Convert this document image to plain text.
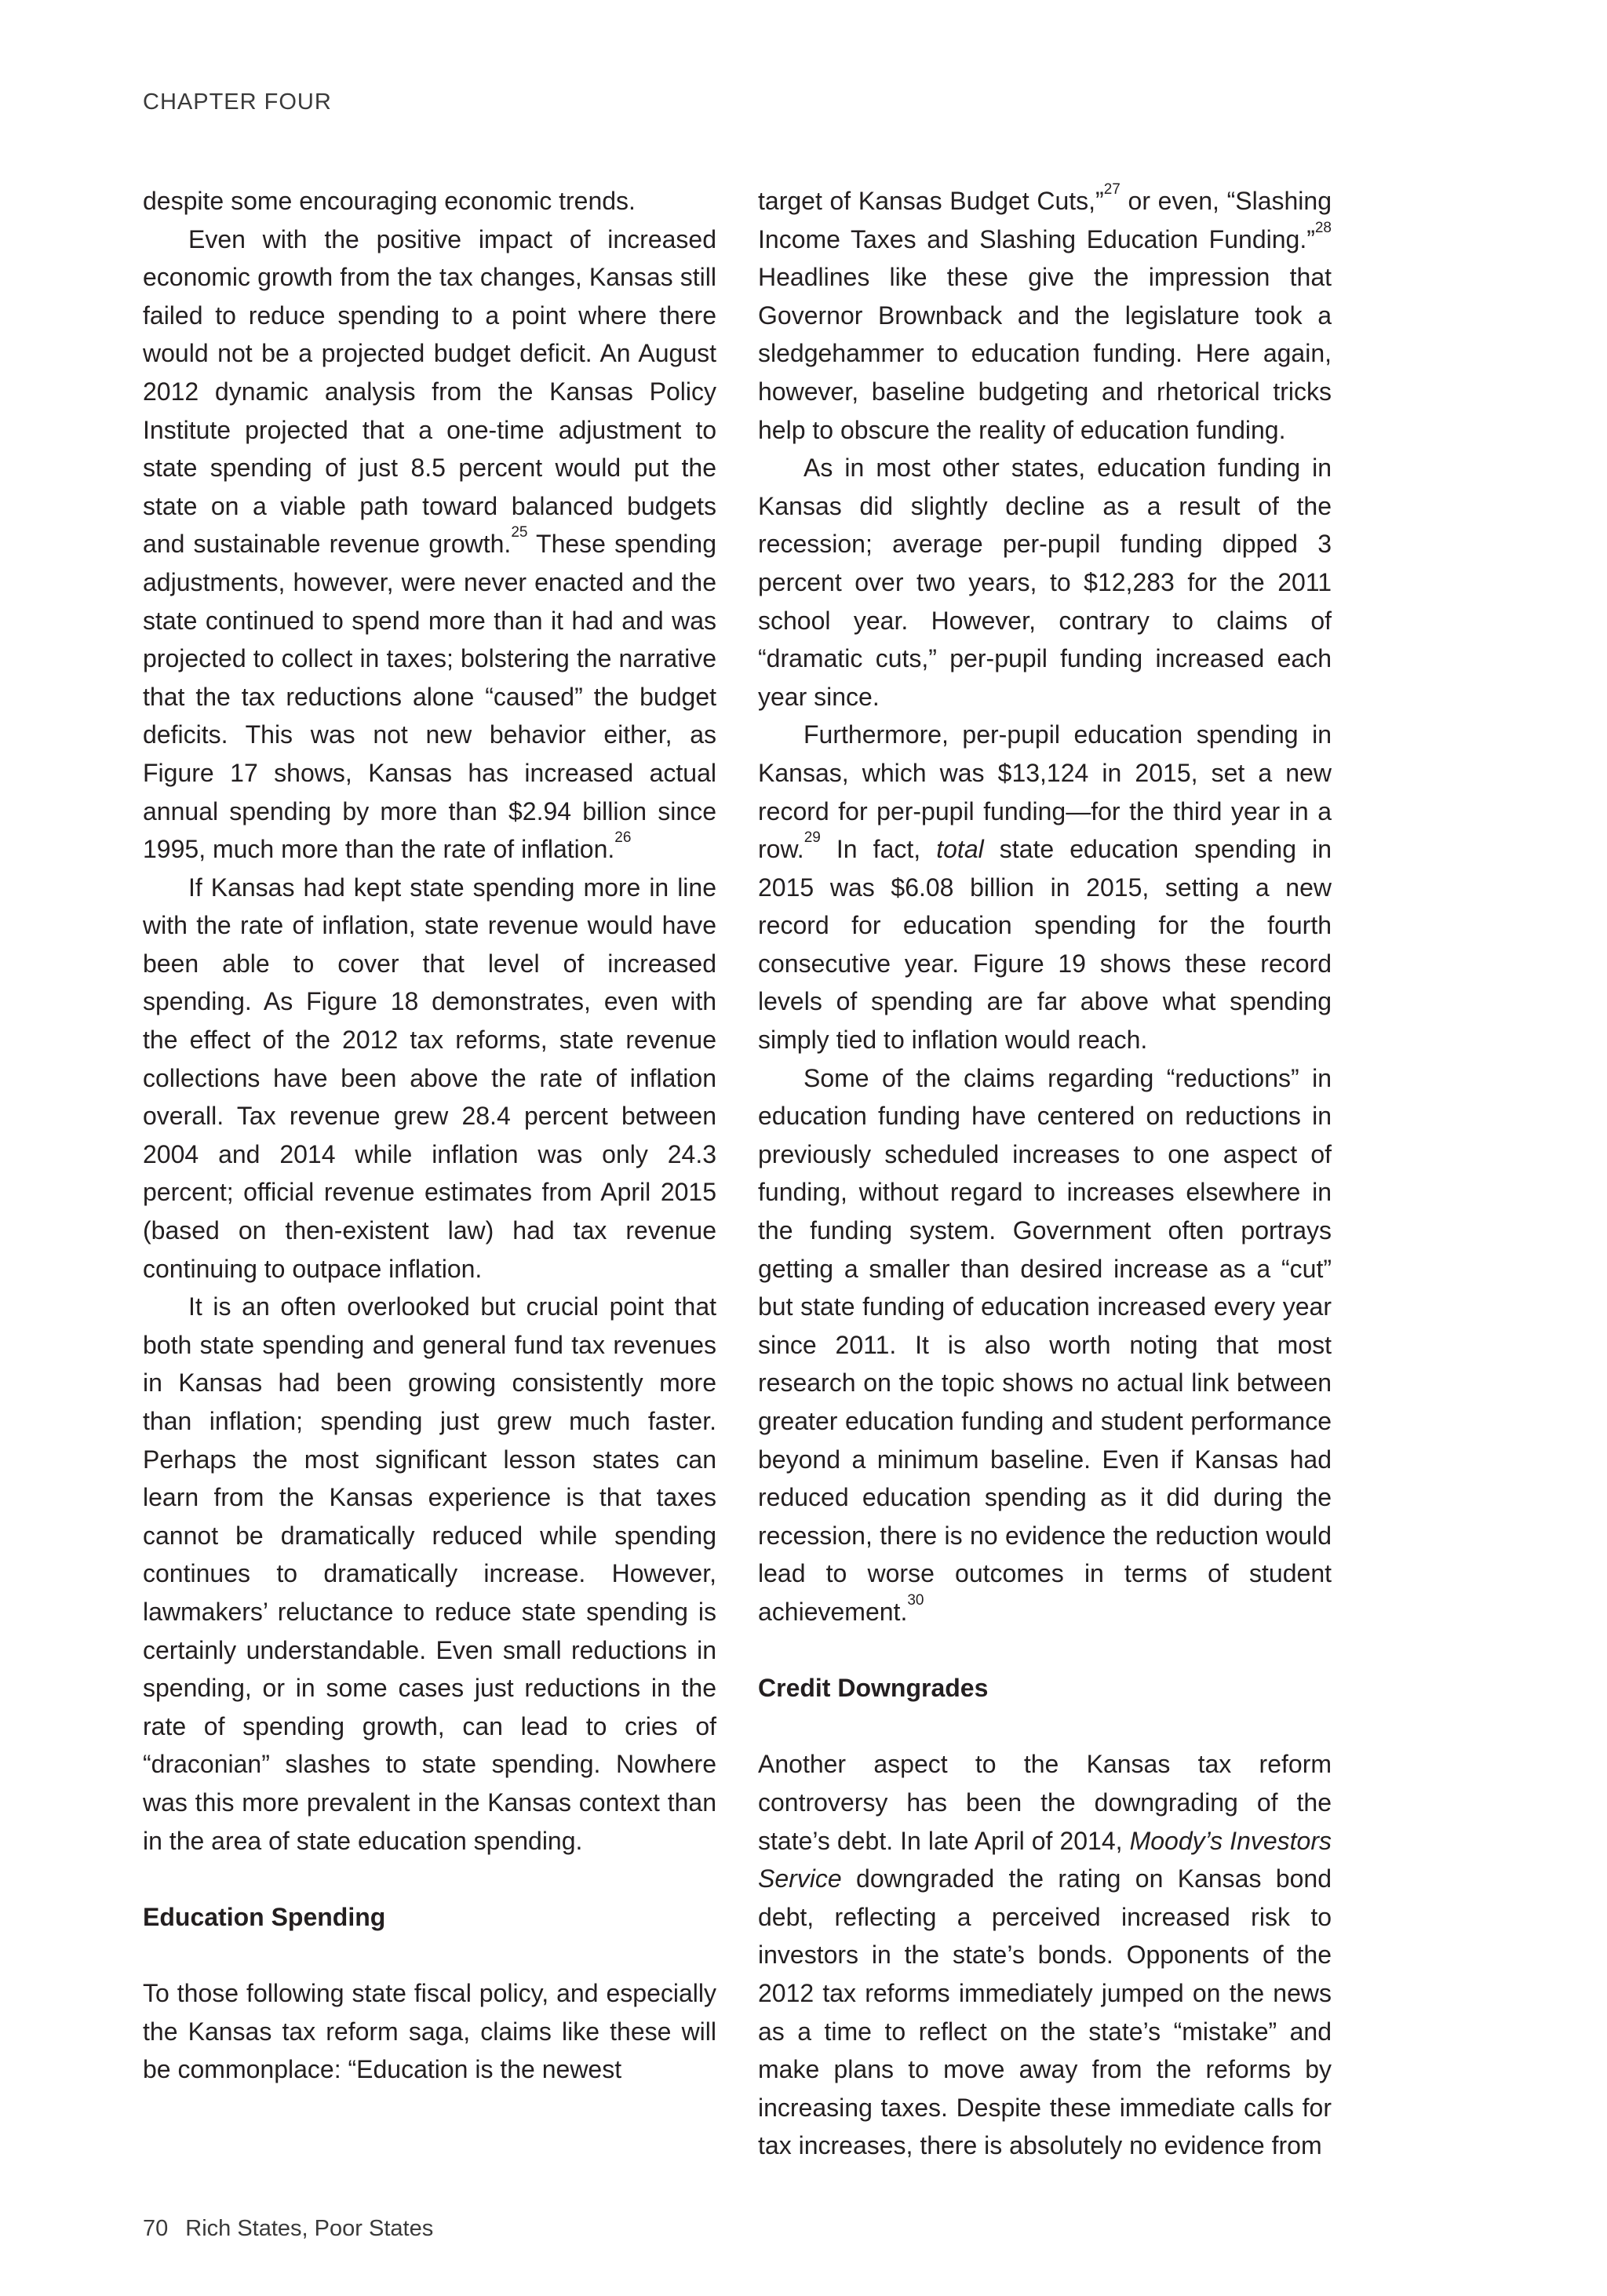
CHAPTER FOUR

despite some encouraging economic trends.

Even with the positive impact of increased economic growth from the tax changes, Kansas still failed to reduce spending to a point where there would not be a projected budget deficit. An August 2012 dynamic analysis from the Kansas Policy Institute projected that a one-time adjustment to state spending of just 8.5 percent would put the state on a viable path toward balanced budgets and sustainable revenue growth.$^{25}$ These spending adjustments, however, were never enacted and the state continued to spend more than it had and was projected to collect in taxes; bolstering the narrative that the tax reductions alone “caused” the budget deficits. This was not new behavior either, as Figure 17 shows, Kansas has increased actual annual spending by more than $2.94 billion since 1995, much more than the rate of inflation.$^{26}$

If Kansas had kept state spending more in line with the rate of inflation, state revenue would have been able to cover that level of increased spending. As Figure 18 demonstrates, even with the effect of the 2012 tax reforms, state revenue collections have been above the rate of inflation overall. Tax revenue grew 28.4 percent between 2004 and 2014 while inflation was only 24.3 percent; official revenue estimates from April 2015 (based on then-existent law) had tax revenue continuing to outpace inflation.

It is an often overlooked but crucial point that both state spending and general fund tax revenues in Kansas had been growing consistently more than inflation; spending just grew much faster. Perhaps the most significant lesson states can learn from the Kansas experience is that taxes cannot be dramatically reduced while spending continues to dramatically increase. However, lawmakers’ reluctance to reduce state spending is certainly understandable. Even small reductions in spending, or in some cases just reductions in the rate of spending growth, can lead to cries of “draconian” slashes to state spending. Nowhere was this more prevalent in the Kansas context than in the area of state education spending.

Education Spending

To those following state fiscal policy, and especially the Kansas tax reform saga, claims like these will be commonplace: “Education is the newest

target of Kansas Budget Cuts,”$^{27}$ or even, “Slashing Income Taxes and Slashing Education Funding.”$^{28}$ Headlines like these give the impression that Governor Brownback and the legislature took a sledgehammer to education funding. Here again, however, baseline budgeting and rhetorical tricks help to obscure the reality of education funding.

As in most other states, education funding in Kansas did slightly decline as a result of the recession; average per-pupil funding dipped 3 percent over two years, to $12,283 for the 2011 school year. However, contrary to claims of “dramatic cuts,” per-pupil funding increased each year since.

Furthermore, per-pupil education spending in Kansas, which was $13,124 in 2015, set a new record for per-pupil funding—for the third year in a row.$^{29}$ In fact, total state education spending in 2015 was $6.08 billion in 2015, setting a new record for education spending for the fourth consecutive year. Figure 19 shows these record levels of spending are far above what spending simply tied to inflation would reach.

Some of the claims regarding “reductions” in education funding have centered on reductions in previously scheduled increases to one aspect of funding, without regard to increases elsewhere in the funding system. Government often portrays getting a smaller than desired increase as a “cut” but state funding of education increased every year since 2011. It is also worth noting that most research on the topic shows no actual link between greater education funding and student performance beyond a minimum baseline. Even if Kansas had reduced education spending as it did during the recession, there is no evidence the reduction would lead to worse outcomes in terms of student achievement.$^{30}$

Credit Downgrades

Another aspect to the Kansas tax reform controversy has been the downgrading of the state’s debt. In late April of 2014, Moody’s Investors Service downgraded the rating on Kansas bond debt, reflecting a perceived increased risk to investors in the state’s bonds. Opponents of the 2012 tax reforms immediately jumped on the news as a time to reflect on the state’s “mistake” and make plans to move away from the reforms by increasing taxes. Despite these immediate calls for tax increases, there is absolutely no evidence from

70 Rich States, Poor States
